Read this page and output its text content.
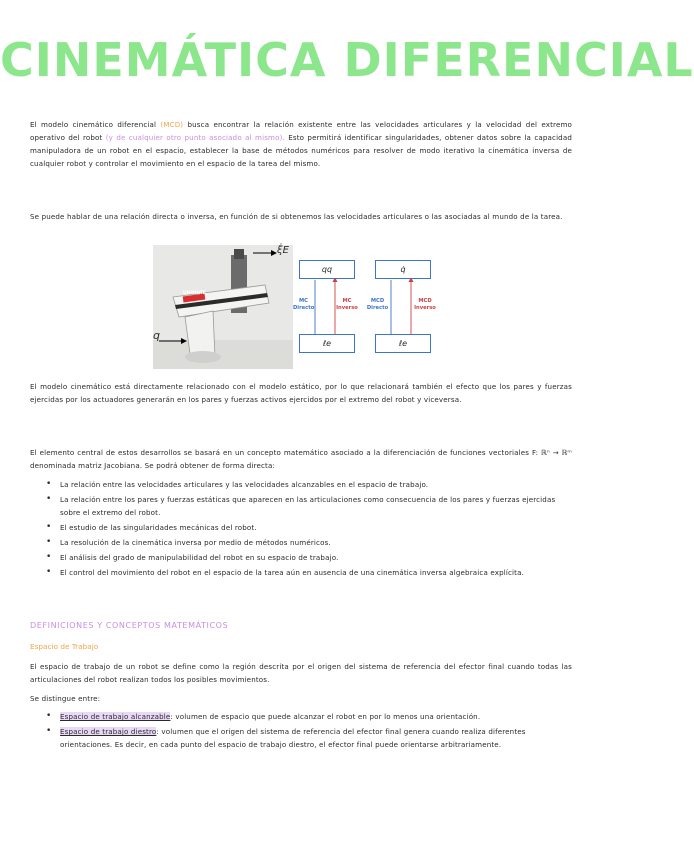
CINEMÁTICA DIFERENCIAL
El modelo cinemático diferencial (MCD) busca encontrar la relación existente entre las velocidades articulares y la velocidad del extremo operativo del robot (y de cualquier otro punto asociado al mismo). Esto permitirá identificar singularidades, obtener datos sobre la capacidad manipuladora de un robot en el espacio, establecer la base de métodos numéricos para resolver de modo iterativo la cinemática inversa de cualquier robot y controlar el movimiento en el espacio de la tarea del mismo.
Se puede hablar de una relación directa o inversa, en función de si obtenemos las velocidades articulares o las asociadas al mundo de la tarea.
UNIMATE
q
ξ̇E
qq
ℓe
MC
Directo
MC
Inverso
q̇
ℓe
MCD
Directo
MCD
Inverso
El modelo cinemático está directamente relacionado con el modelo estático, por lo que relacionará también el efecto que los pares y fuerzas ejercidas por los actuadores generarán en los pares y fuerzas activos ejercidos por el extremo del robot y viceversa.
El elemento central de estos desarrollos se basará en un concepto matemático asociado a la diferenciación de funciones vectoriales F: ℝⁿ → ℝᵐ denominada matriz Jacobiana. Se podrá obtener de forma directa:
• La relación entre las velocidades articulares y las velocidades alcanzables en el espacio de trabajo.
• La relación entre los pares y fuerzas estáticas que aparecen en las articulaciones como consecuencia de los pares y fuerzas ejercidas sobre el extremo del robot.
• El estudio de las singularidades mecánicas del robot.
• La resolución de la cinemática inversa por medio de métodos numéricos.
• El análisis del grado de manipulabilidad del robot en su espacio de trabajo.
• El control del movimiento del robot en el espacio de la tarea aún en ausencia de una cinemática inversa algebraica explícita.
DEFINICIONES Y CONCEPTOS MATEMÁTICOS
Espacio de Trabajo
El espacio de trabajo de un robot se define como la región descrita por el origen del sistema de referencia del efector final cuando todas las articulaciones del robot realizan todos los posibles movimientos.
Se distingue entre:
• Espacio de trabajo alcanzable: volumen de espacio que puede alcanzar el robot en por lo menos una orientación.
• Espacio de trabajo diestro: volumen que el origen del sistema de referencia del efector final genera cuando realiza diferentes orientaciones. Es decir, en cada punto del espacio de trabajo diestro, el efector final puede orientarse arbitrariamente.
